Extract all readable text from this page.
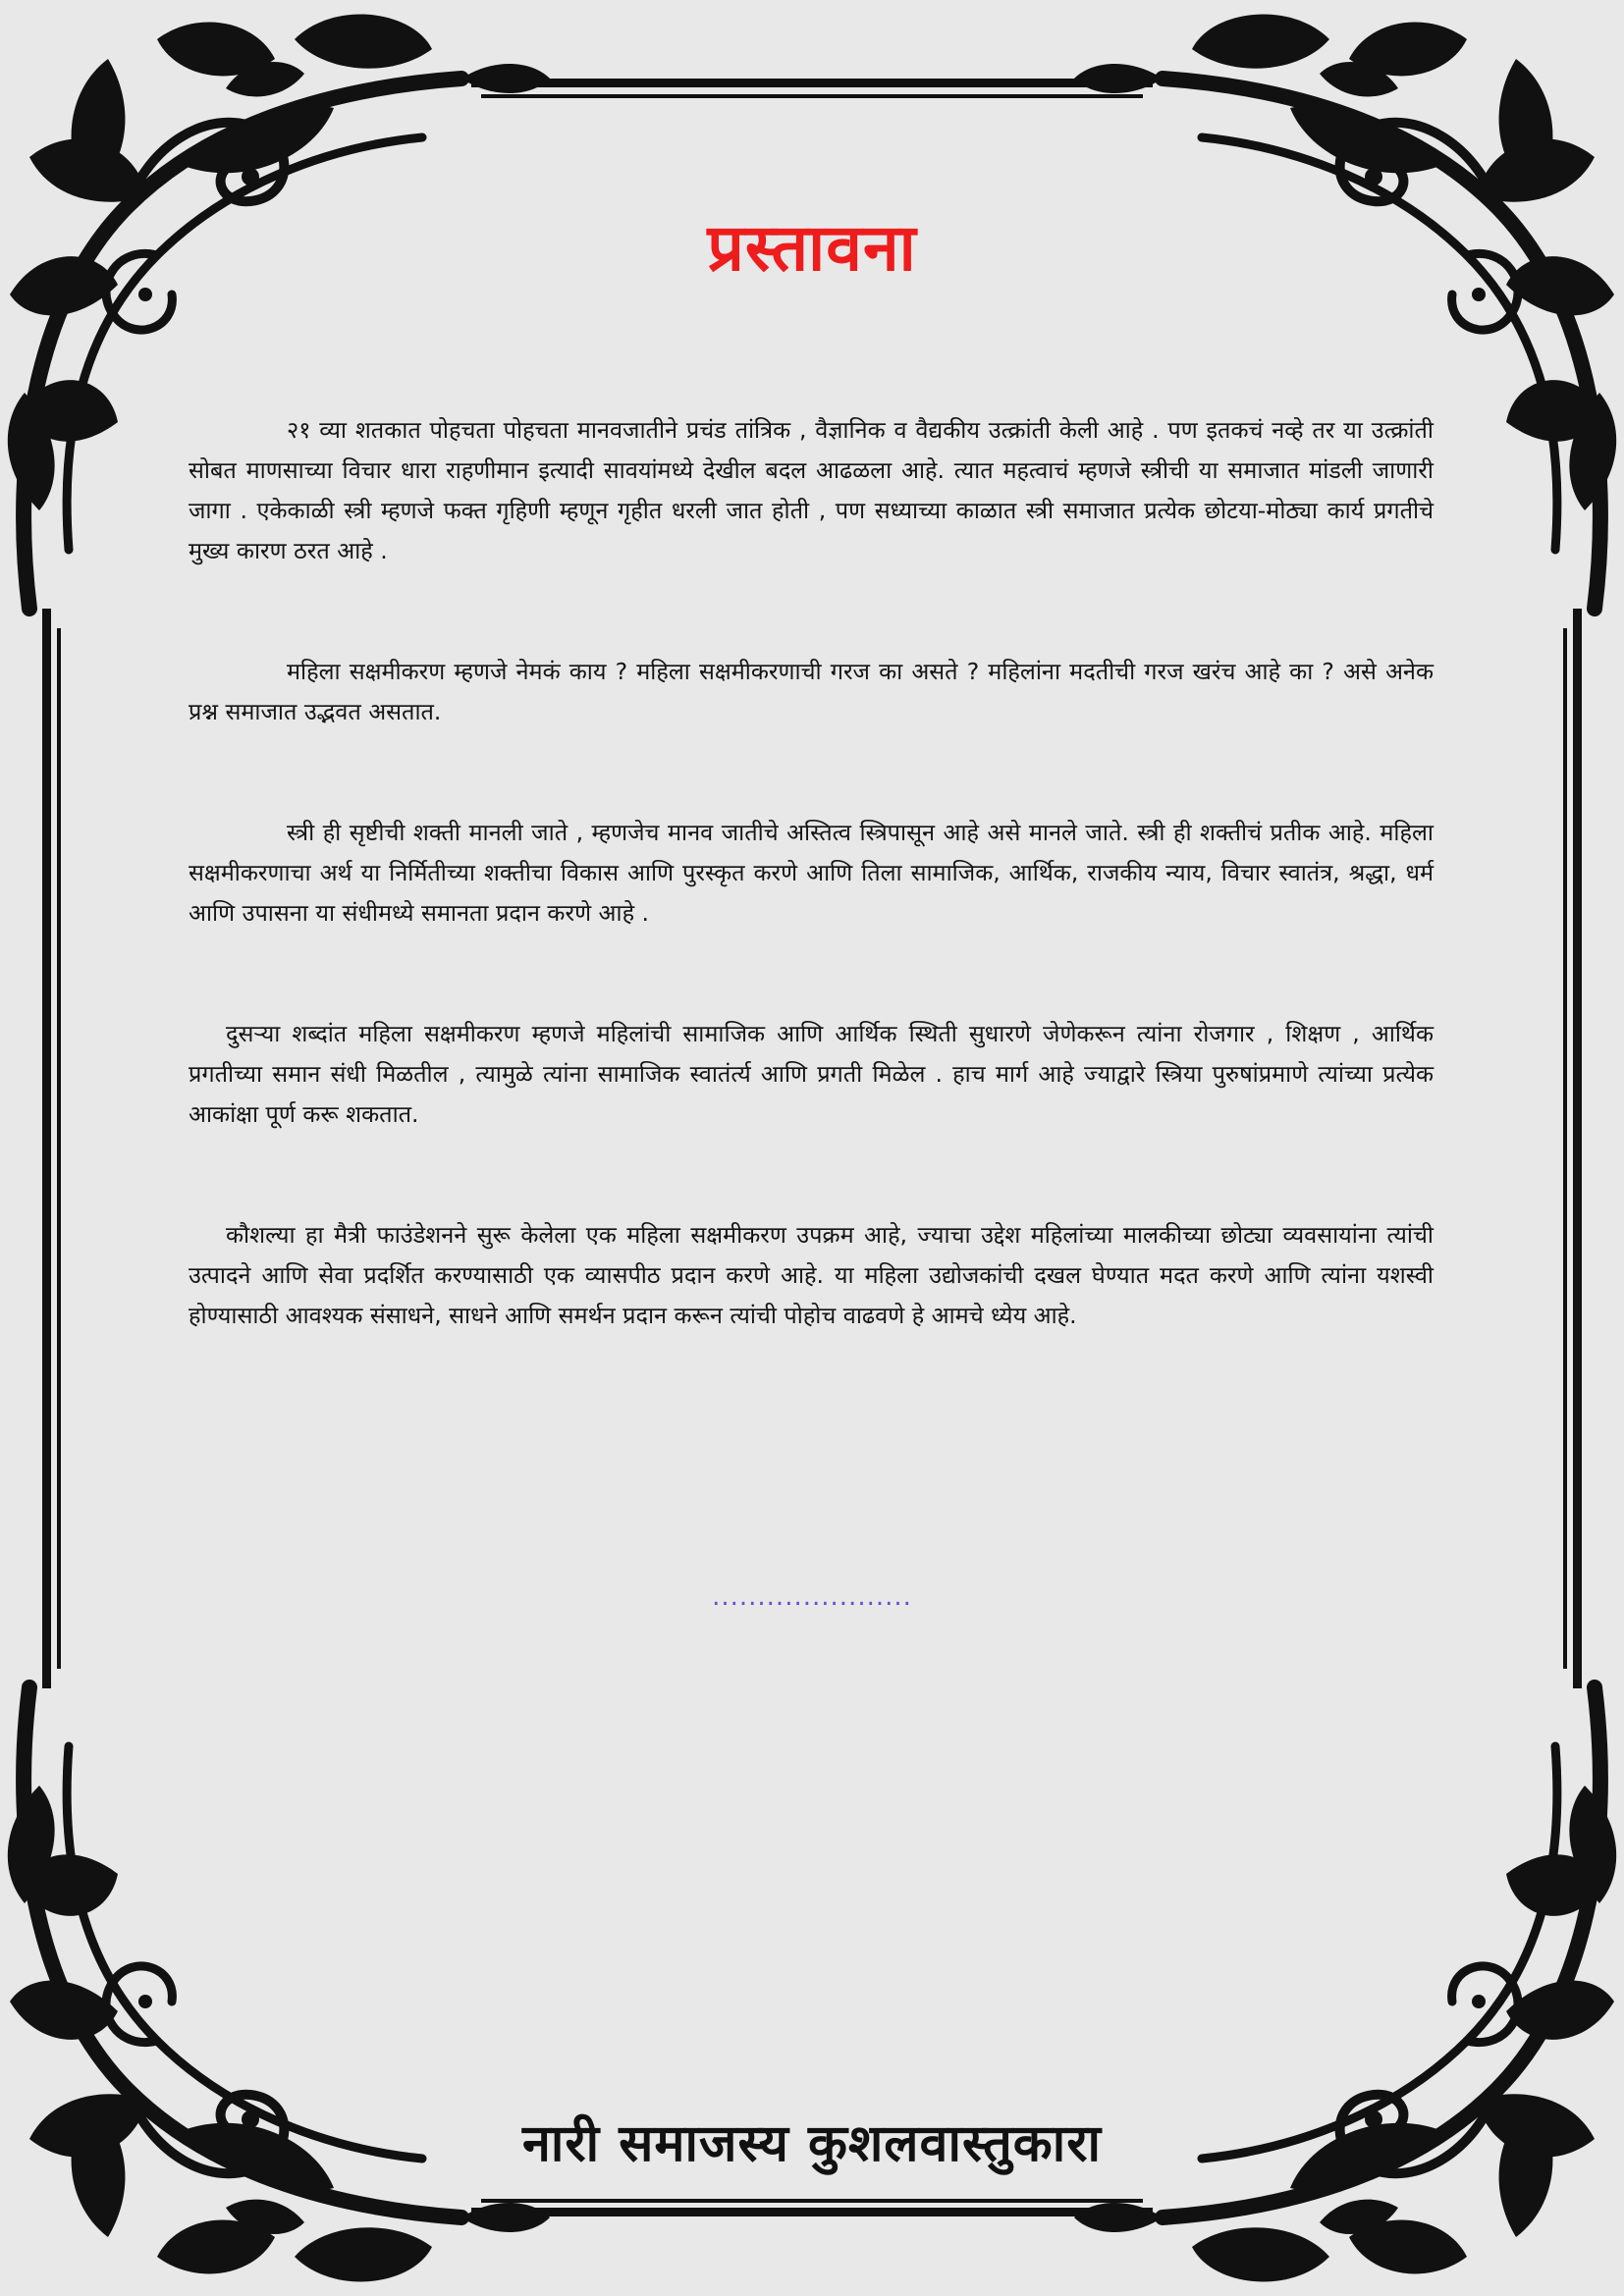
प्रस्तावना

२१ व्या शतकात पोहचता पोहचता मानवजातीने प्रचंड तांत्रिक , वैज्ञानिक व वैद्यकीय उत्क्रांती केली आहे . पण इतकचं नव्हे तर या उत्क्रांती सोबत माणसाच्या विचार धारा राहणीमान इत्यादी सावयांमध्ये देखील बदल आढळला आहे. त्यात महत्वाचं म्हणजे स्त्रीची या समाजात मांडली जाणारी जागा . एकेकाळी स्त्री म्हणजे फक्त गृहिणी म्हणून गृहीत धरली जात होती , पण सध्याच्या काळात स्त्री समाजात प्रत्येक छोटया-मोठ्या कार्य प्रगतीचे मुख्य कारण ठरत आहे .

महिला सक्षमीकरण म्हणजे नेमकं काय ? महिला सक्षमीकरणाची गरज का असते ? महिलांना मदतीची गरज खरंच आहे का ? असे अनेक प्रश्न समाजात उद्भवत असतात.

स्त्री ही सृष्टीची शक्ती मानली जाते , म्हणजेच मानव जातीचे अस्तित्व स्त्रिपासून आहे असे मानले जाते. स्त्री ही शक्तीचं प्रतीक आहे. महिला सक्षमीकरणाचा अर्थ या निर्मितीच्या शक्तीचा विकास आणि पुरस्कृत करणे आणि तिला सामाजिक, आर्थिक, राजकीय न्याय, विचार स्वातंत्र, श्रद्धा, धर्म आणि उपासना या संधीमध्ये समानता प्रदान करणे आहे .

दुसऱ्या शब्दांत महिला सक्षमीकरण म्हणजे महिलांची सामाजिक आणि आर्थिक स्थिती सुधारणे जेणेकरून त्यांना रोजगार , शिक्षण , आर्थिक प्रगतीच्या समान संधी मिळतील , त्यामुळे त्यांना सामाजिक स्वातंर्त्य आणि प्रगती मिळेल . हाच मार्ग आहे ज्याद्वारे स्त्रिया पुरुषांप्रमाणे त्यांच्या प्रत्येक आकांक्षा पूर्ण करू शकतात.

कौशल्या हा मैत्री फाउंडेशनने सुरू केलेला एक महिला सक्षमीकरण उपक्रम आहे, ज्याचा उद्देश महिलांच्या मालकीच्या छोट्या व्यवसायांना त्यांची उत्पादने आणि सेवा प्रदर्शित करण्यासाठी एक व्यासपीठ प्रदान करणे आहे. या महिला उद्योजकांची दखल घेण्यात मदत करणे आणि त्यांना यशस्वी होण्यासाठी आवश्यक संसाधने, साधने आणि समर्थन प्रदान करून त्यांची पोहोच वाढवणे हे आमचे ध्येय आहे.

......................
नारी समाजस्य कुशलवास्तुकारा
